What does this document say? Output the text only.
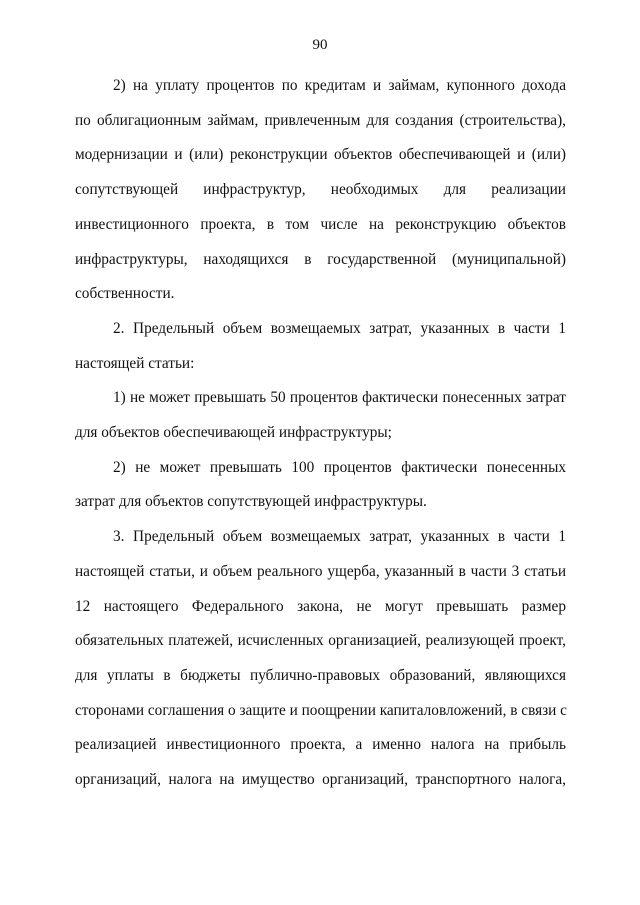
90

2) на уплату процентов по кредитам и займам, купонного дохода
по облигационным займам, привлеченным для создания (строительства),
модернизации и (или) реконструкции объектов обеспечивающей и (или)
сопутствующей инфраструктур, необходимых для реализации
инвестиционного проекта, в том числе на реконструкцию объектов
инфраструктуры, находящихся в государственной (муниципальной)
собственности.

2. Предельный объем возмещаемых затрат, указанных в части 1
настоящей статьи:

1) не может превышать 50 процентов фактически понесенных затрат
для объектов обеспечивающей инфраструктуры;

2) не может превышать 100 процентов фактически понесенных
затрат для объектов сопутствующей инфраструктуры.

3. Предельный объем возмещаемых затрат, указанных в части 1
настоящей статьи, и объем реального ущерба, указанный в части 3 статьи
12 настоящего Федерального закона, не могут превышать размер
обязательных платежей, исчисленных организацией, реализующей проект,
для уплаты в бюджеты публично-правовых образований, являющихся
сторонами соглашения о защите и поощрении капиталовложений, в связи с
реализацией инвестиционного проекта, а именно налога на прибыль
организаций, налога на имущество организаций, транспортного налога,
